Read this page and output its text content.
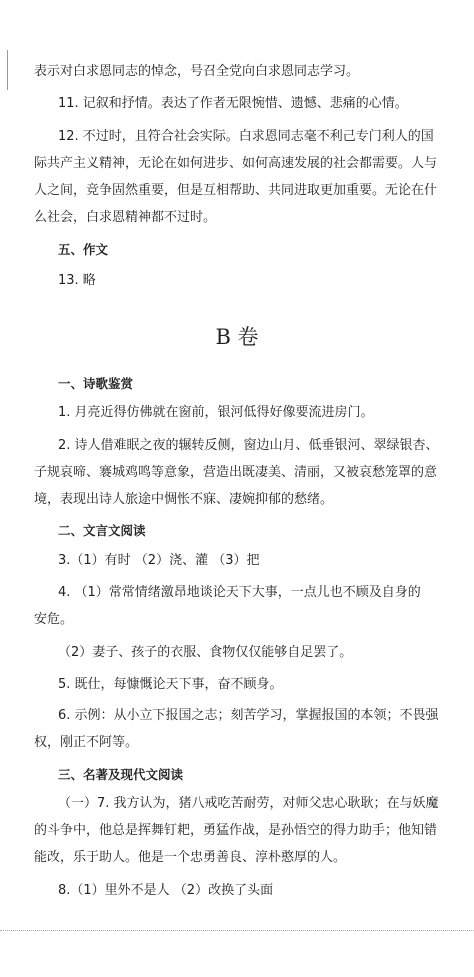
表示对白求恩同志的悼念，号召全党向白求恩同志学习。
11. 记叙和抒情。表达了作者无限惋惜、遗憾、悲痛的心情。
12. 不过时，且符合社会实际。白求恩同志毫不利己专门利人的国
际共产主义精神，无论在如何进步、如何高速发展的社会都需要。人与
人之间，竞争固然重要，但是互相帮助、共同进取更加重要。无论在什
么社会，白求恩精神都不过时。
五、作文
13. 略
B 卷
一、诗歌鉴赏
1. 月亮近得仿佛就在窗前，银河低得好像要流进房门。
2. 诗人借难眠之夜的辗转反侧，窗边山月、低垂银河、翠绿银杏、
子规哀啼、褰城鸡鸣等意象，营造出既凄美、清丽，又被哀愁笼罩的意
境，表现出诗人旅途中惆怅不寐、凄婉抑郁的愁绪。
二、文言文阅读
3.（1）有时 （2）浇、灌 （3）把
4. （1）常常情绪激昂地谈论天下大事，一点儿也不顾及自身的
安危。
（2）妻子、孩子的衣服、食物仅仅能够自足罢了。
5. 既仕，每慷慨论天下事，奋不顾身。
6. 示例：从小立下报国之志；刻苦学习，掌握报国的本领；不畏强
权，刚正不阿等。
三、名著及现代文阅读
（一）7. 我方认为，猪八戒吃苦耐劳，对师父忠心耿耿；在与妖魔
的斗争中，他总是挥舞钉耙，勇猛作战，是孙悟空的得力助手；他知错
能改，乐于助人。他是一个忠勇善良、淳朴憨厚的人。
8.（1）里外不是人 （2）改换了头面
